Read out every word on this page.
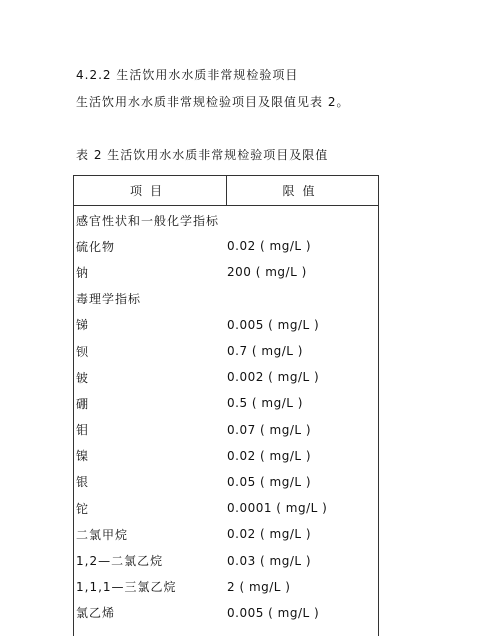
4.2.2 生活饮用水水质非常规检验项目
生活饮用水水质非常规检验项目及限值见表 2。
表 2 生活饮用水水质非常规检验项目及限值
项目	限值
感官性状和一般化学指标
硫化物	0.02 ( mg/L )
钠	200 ( mg/L )
毒理学指标
锑	0.005 ( mg/L )
钡	0.7 ( mg/L )
铍	0.002 ( mg/L )
硼	0.5 ( mg/L )
钼	0.07 ( mg/L )
镍	0.02 ( mg/L )
银	0.05 ( mg/L )
铊	0.0001 ( mg/L )
二氯甲烷	0.02 ( mg/L )
1,2—二氯乙烷	0.03 ( mg/L )
1,1,1—三氯乙烷	2 ( mg/L )
氯乙烯	0.005 ( mg/L )
